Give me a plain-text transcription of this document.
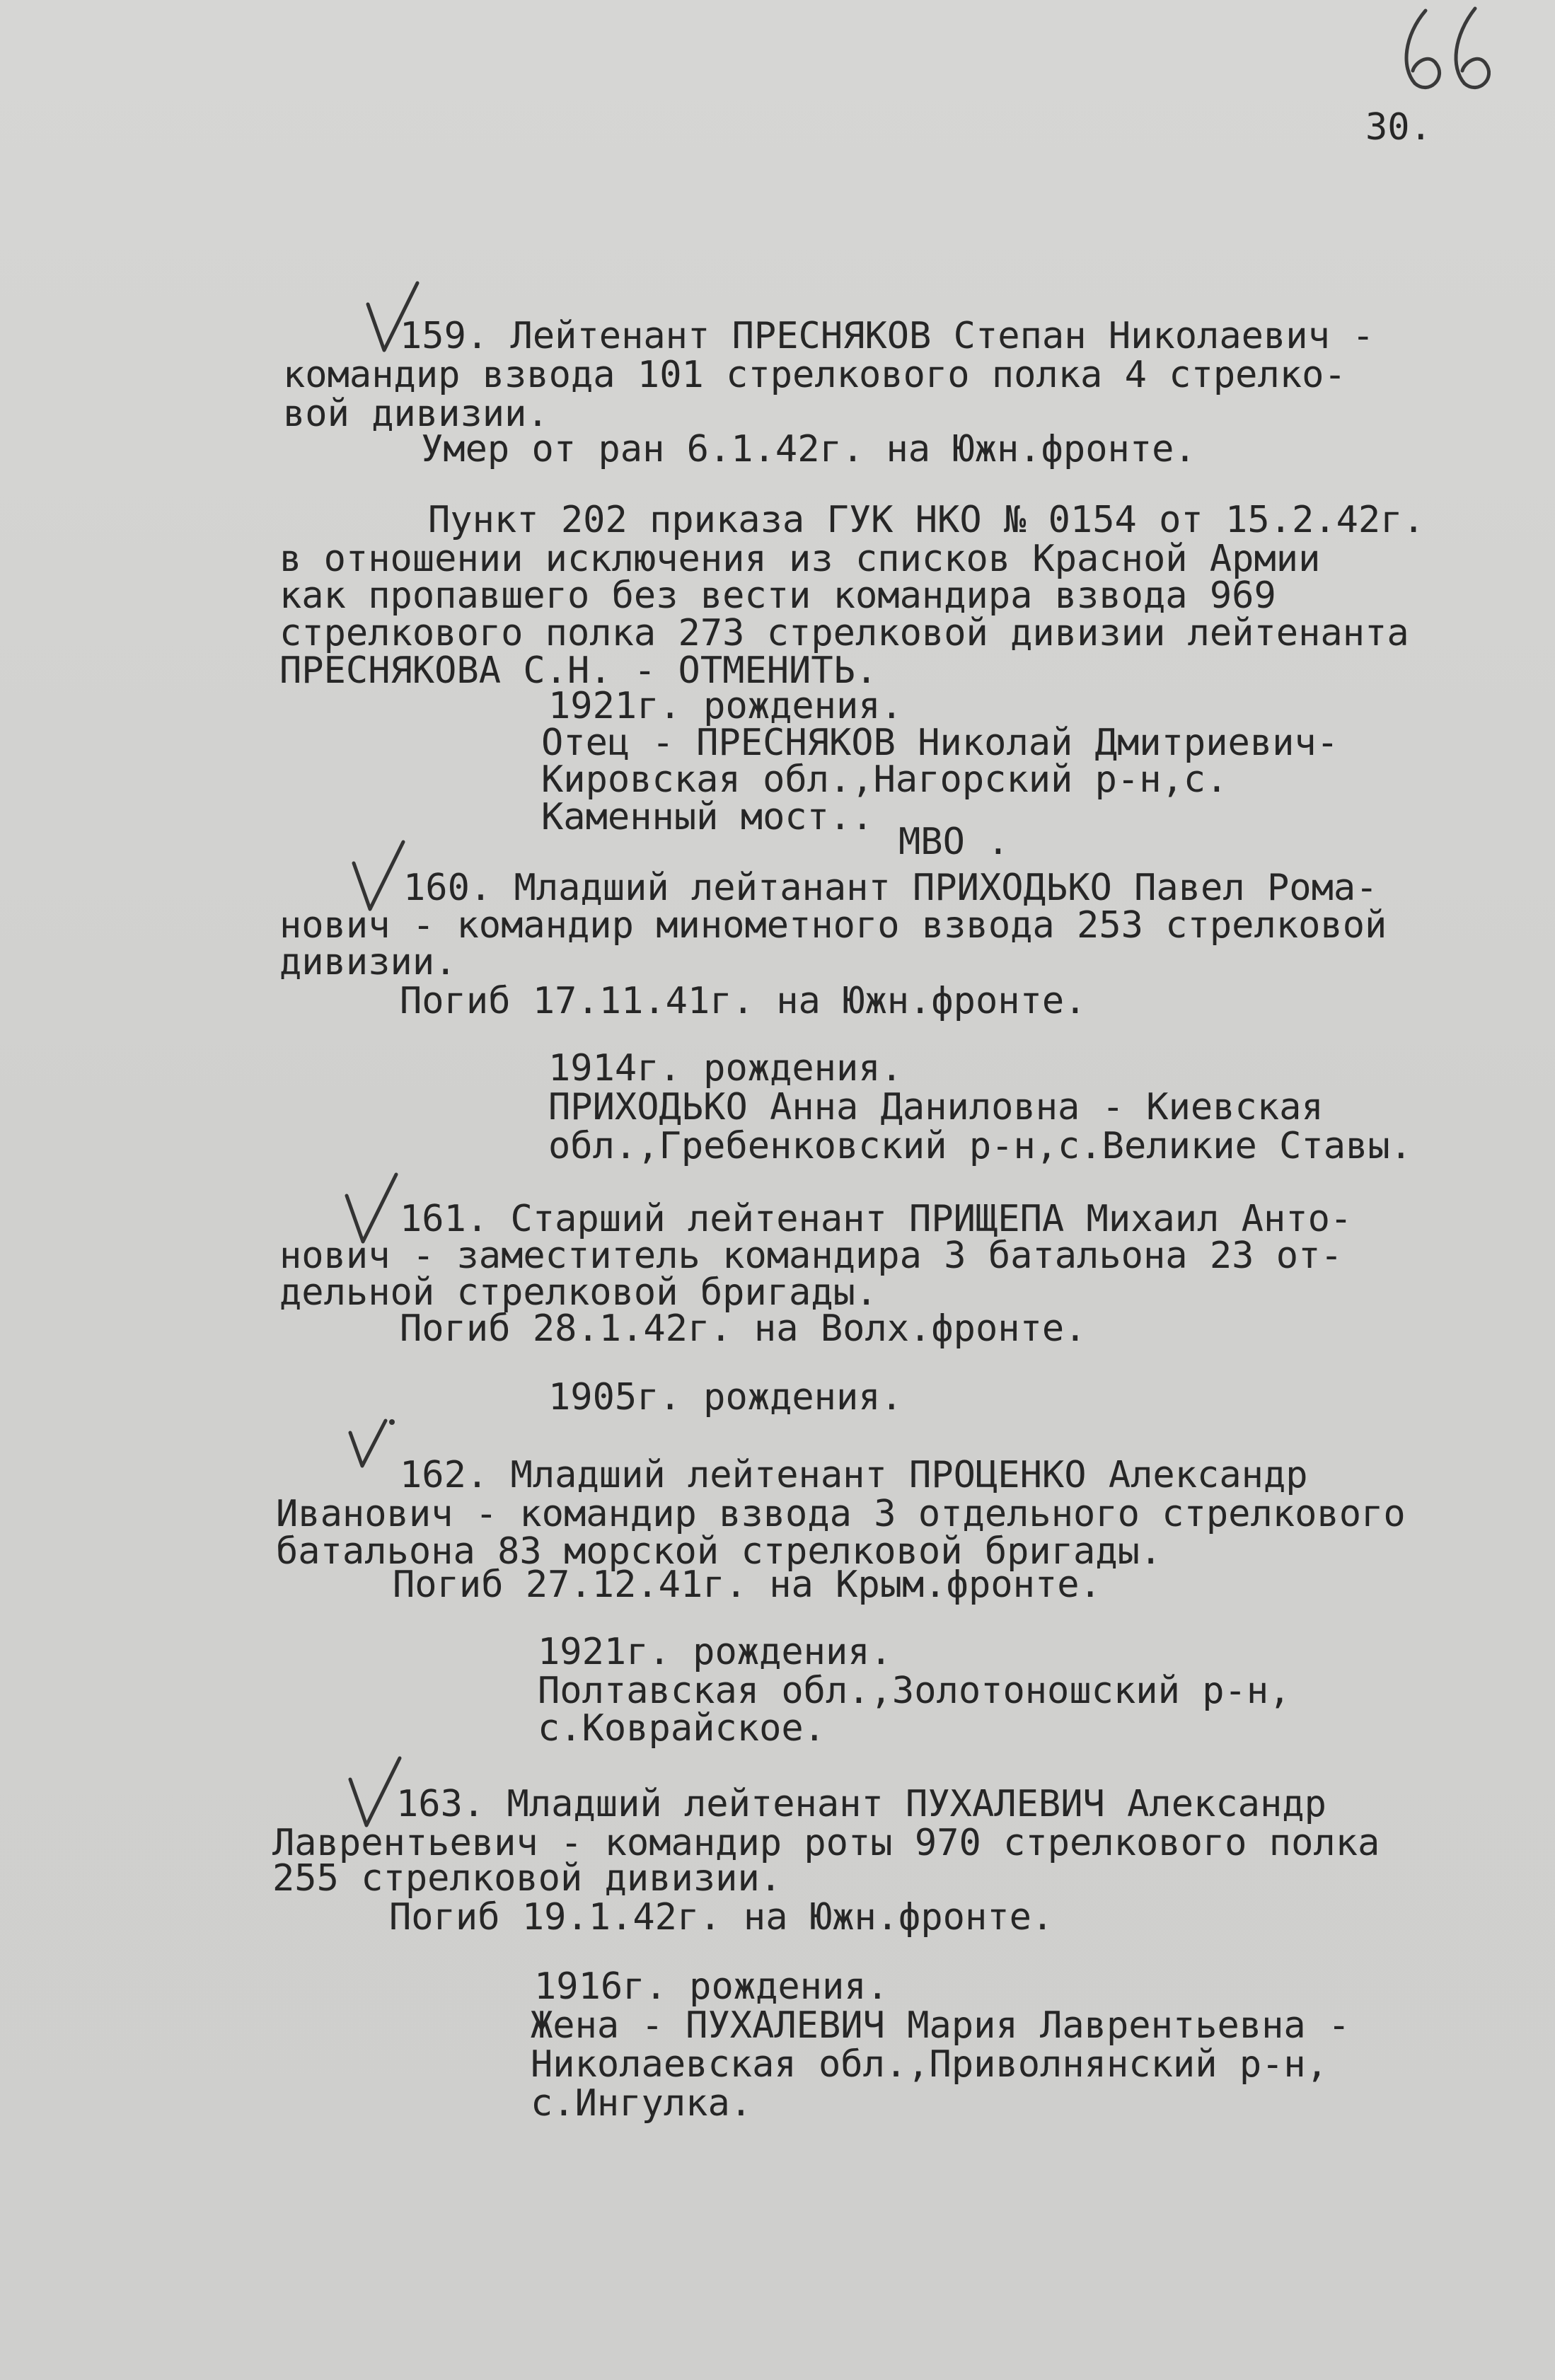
30.

159. Лейтенант ПРЕСНЯКОВ Степан Николаевич -

командир взвода 101 стрелкового полка 4 стрелко-

вой дивизии.

Умер от ран 6.1.42г. на Южн.фронте.

Пункт 202 приказа ГУК НКО № 0154 от 15.2.42г.

в отношении исключения из списков Красной Армии

как пропавшего без вести командира взвода 969

стрелкового полка 273 стрелковой дивизии лейтенанта

ПРЕСНЯКОВА С.Н. - ОТМЕНИТЬ.

1921г. рождения.

Отец - ПРЕСНЯКОВ Николай Дмитриевич-

Кировская обл.,Нагорский р-н,с.

Каменный мост..

МВО .

160. Младший лейтанант ПРИХОДЬКО Павел Рома-

нович - командир минометного взвода 253 стрелковой

дивизии.

Погиб 17.11.41г. на Южн.фронте.

1914г. рождения.

ПРИХОДЬКО Анна Даниловна - Киевская

обл.,Гребенковский р-н,с.Великие Ставы.

161. Старший лейтенант ПРИЩЕПА Михаил Анто-

нович - заместитель командира 3 батальона 23 от-

дельной стрелковой бригады.

Погиб 28.1.42г. на Волх.фронте.

1905г. рождения.

162. Младший лейтенант ПРОЦЕНКО Александр

Иванович - командир взвода 3 отдельного стрелкового

батальона 83 морской стрелковой бригады.

Погиб 27.12.41г. на Крым.фронте.

1921г. рождения.

Полтавская обл.,Золотоношский р-н,

с.Коврайское.

163. Младший лейтенант ПУХАЛЕВИЧ Александр

Лаврентьевич - командир роты 970 стрелкового полка

255 стрелковой дивизии.

Погиб 19.1.42г. на Южн.фронте.

1916г. рождения.

Жена - ПУХАЛЕВИЧ Мария Лаврентьевна -

Николаевская обл.,Приволнянский р-н,

с.Ингулка.
